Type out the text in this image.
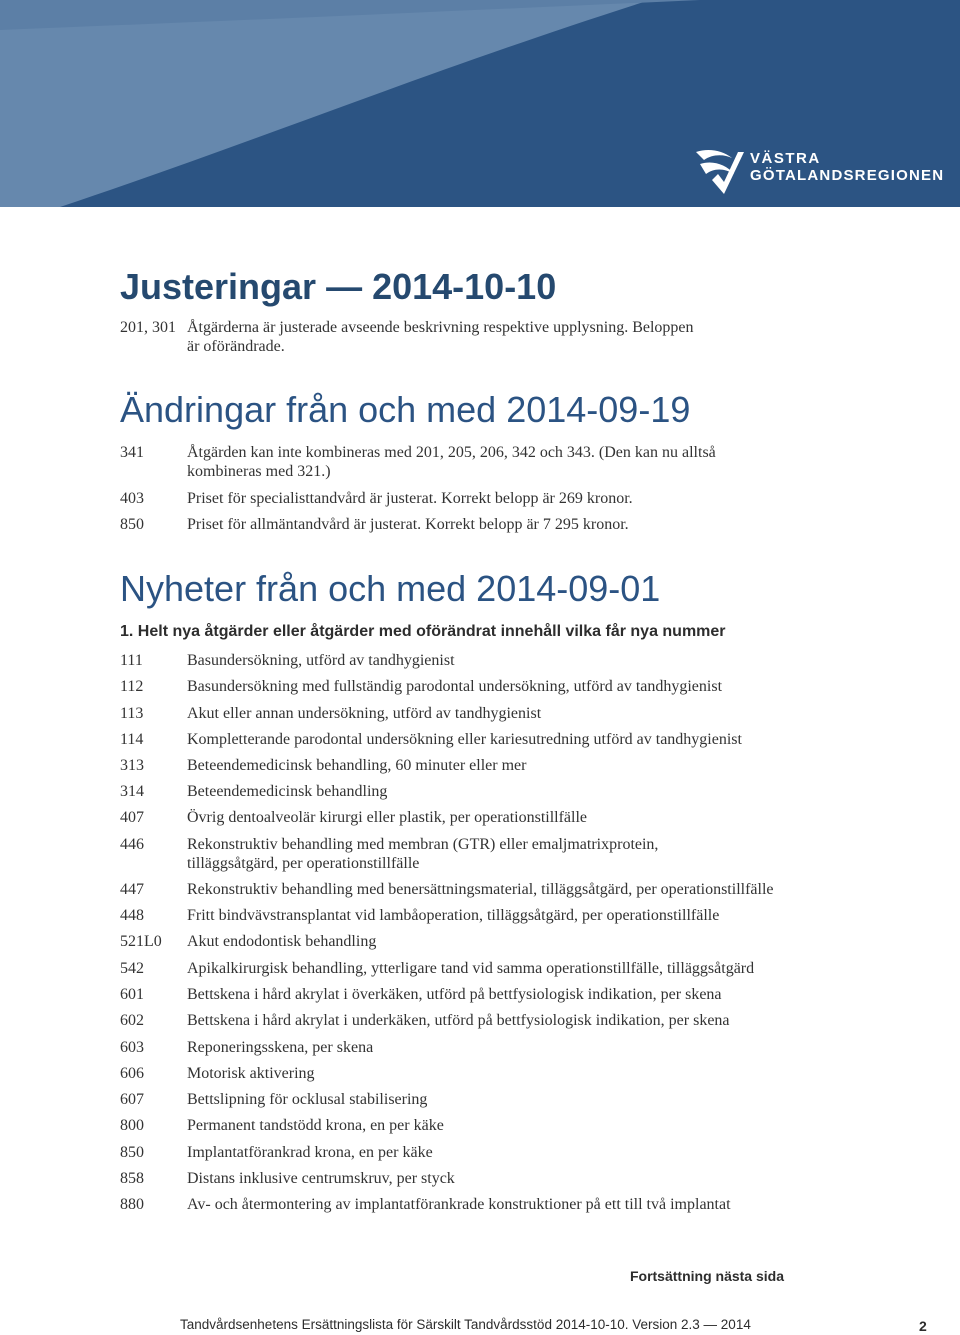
VÄSTRA
GÖTALANDSREGIONEN
Justeringar — 2014-10-10
201, 301 Åtgärderna är justerade avseende beskrivning respektive upplysning. Beloppen är oförändrade.
Ändringar från och med 2014-09-19
341	Åtgärden kan inte kombineras med 201, 205, 206, 342 och 343. (Den kan nu alltså kombineras med 321.)
403	Priset för specialisttandvård är justerat. Korrekt belopp är 269 kronor.
850	Priset för allmäntandvård är justerat. Korrekt belopp är 7 295 kronor.
Nyheter från och med 2014-09-01
1. Helt nya åtgärder eller åtgärder med oförändrat innehåll vilka får nya nummer
111	Basundersökning, utförd av tandhygienist
112	Basundersökning med fullständig parodontal undersökning, utförd av tandhygienist
113	Akut eller annan undersökning, utförd av tandhygienist
114	Kompletterande parodontal undersökning eller kariesutredning utförd av tandhygienist
313	Beteendemedicinsk behandling, 60 minuter eller mer
314	Beteendemedicinsk behandling
407	Övrig dentoalveolär kirurgi eller plastik, per operationstillfälle
446	Rekonstruktiv behandling med membran (GTR) eller emaljmatrixprotein, tilläggsåtgärd, per operationstillfälle
447	Rekonstruktiv behandling med benersättningsmaterial, tilläggsåtgärd, per operationstillfälle
448	Fritt bindvävstransplantat vid lambåoperation, tilläggsåtgärd, per operationstillfälle
521L0	Akut endodontisk behandling
542	Apikalkirurgisk behandling, ytterligare tand vid samma operationstillfälle, tilläggsåtgärd
601	Bettskena i hård akrylat i överkäken, utförd på bettfysiologisk indikation, per skena
602	Bettskena i hård akrylat i underkäken, utförd på bettfysiologisk indikation, per skena
603	Reponeringsskena, per skena
606	Motorisk aktivering
607	Bettslipning för ocklusal stabilisering
800	Permanent tandstödd krona, en per käke
850	Implantatförankrad krona, en per käke
858	Distans inklusive centrumskruv, per styck
880	Av- och återmontering av implantatförankrade konstruktioner på ett till två implantat
Fortsättning nästa sida
Tandvårdsenhetens Ersättningslista för Särskilt Tandvårdsstöd 2014-10-10. Version 2.3 — 2014	2
